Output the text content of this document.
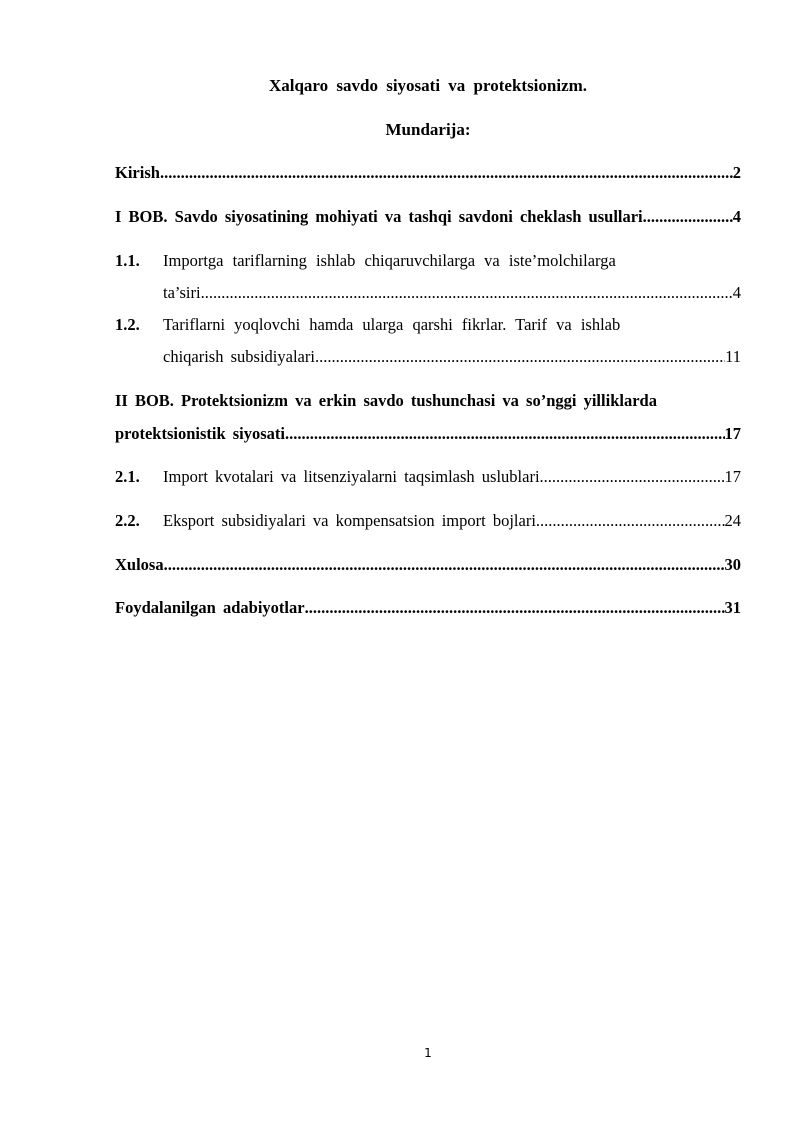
Xalqaro savdo siyosati va protektsionizm.
Mundarija:
Kirish .....	2
I BOB. Savdo siyosatining mohiyati va tashqi savdoni cheklash usullari .....	4
1.1. Importga tariflarning ishlab chiqaruvchilarga va iste’molchilarga
ta’siri .....	4
1.2. Tariflarni yoqlovchi hamda ularga qarshi fikrlar. Tarif va ishlab
chiqarish subsidiyalari .....	11
II BOB. Protektsionizm va erkin savdo tushunchasi va so’nggi yilliklarda
protektsionistik siyosati .....	17
2.1. Import kvotalari va litsenziyalarni taqsimlash uslublari .....	17
2.2. Eksport subsidiyalari va kompensatsion import bojlari .....	24
Xulosa .....	30
Foydalanilgan adabiyotlar .....	31
1
